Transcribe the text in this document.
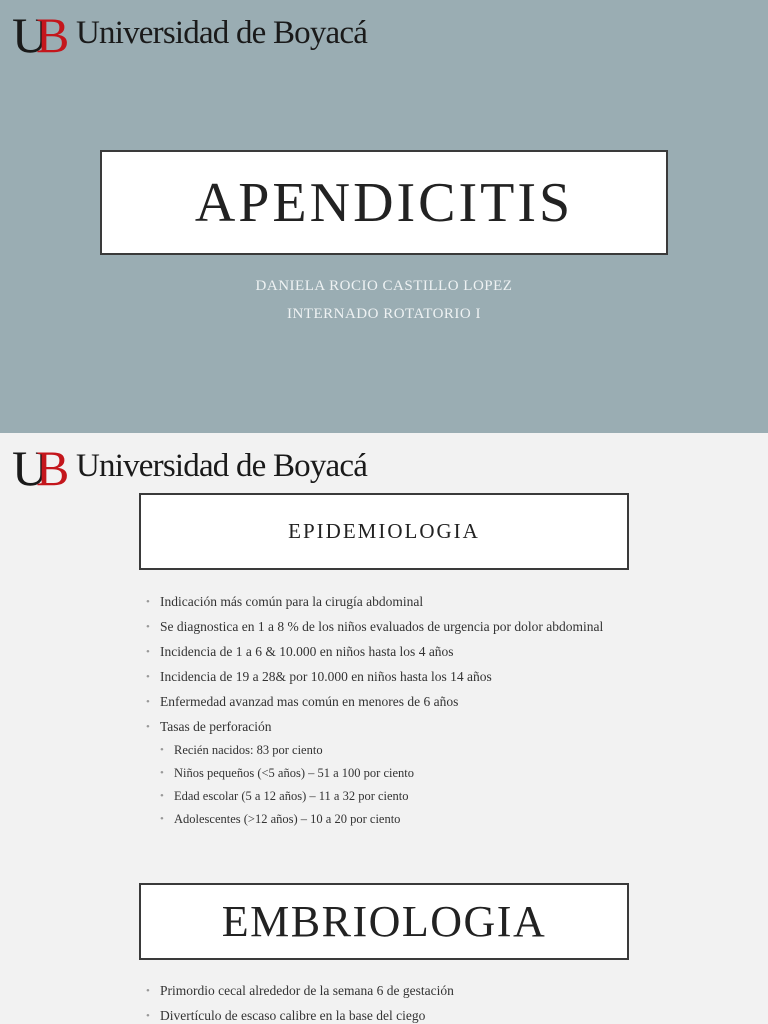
U
B Universidad de Boyacá
APENDICITIS
DANIELA ROCIO CASTILLO LOPEZ
INTERNADO ROTATORIO I
U
B Universidad de Boyacá
EPIDEMIOLOGIA
• Indicación más común para la cirugía abdominal
• Se diagnostica en 1 a 8 % de los niños evaluados de urgencia por dolor abdominal
• Incidencia de 1 a 6 & 10.000 en niños hasta los 4 años
• Incidencia de 19 a 28& por 10.000 en niños hasta los 14 años
• Enfermedad avanzad mas común en menores de 6 años
• Tasas de perforación
• Recién nacidos: 83 por ciento
• Niños pequeños (<5 años) – 51 a 100 por ciento
• Edad escolar (5 a 12 años) – 11 a 32 por ciento
• Adolescentes (>12 años) – 10 a 20 por ciento
EMBRIOLOGIA
• Primordio cecal alrededor de la semana 6 de gestación
• Divertículo de escaso calibre en la base del ciego
